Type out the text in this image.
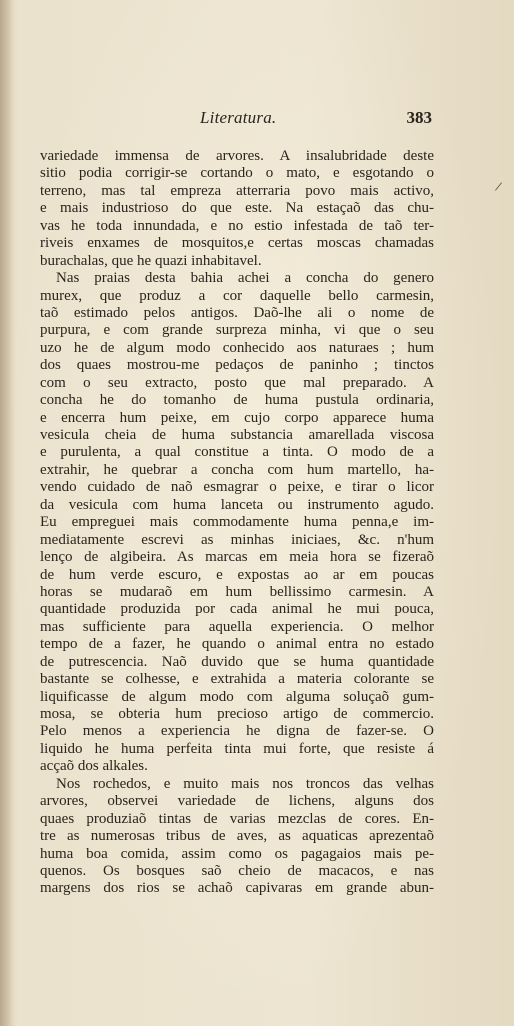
Literatura.	383
/
variedade immensa de arvores. A insalubridade deste
sitio podia corrigir-se cortando o mato, e esgotando o
terreno, mas tal empreza atterraria povo mais activo,
e mais industrioso do que este. Na estaçaõ das chu-
vas he toda innundada, e no estio infestada de taõ ter-
riveis enxames de mosquitos,e certas moscas chamadas
burachalas, que he quazi inhabitavel.
Nas praias desta bahia achei a concha do genero
murex, que produz a cor daquelle bello carmesin,
taõ estimado pelos antigos. Daõ-lhe ali o nome de
purpura, e com grande surpreza minha, vi que o seu
uzo he de algum modo conhecido aos naturaes ; hum
dos quaes mostrou-me pedaços de paninho ; tinctos
com o seu extracto, posto que mal preparado. A
concha he do tomanho de huma pustula ordinaria,
e encerra hum peixe, em cujo corpo apparece huma
vesicula cheia de huma substancia amarellada viscosa
e purulenta, a qual constitue a tinta. O modo de a
extrahir, he quebrar a concha com hum martello, ha-
vendo cuidado de naõ esmagrar o peixe, e tirar o licor
da vesicula com huma lanceta ou instrumento agudo.
Eu empreguei mais commodamente huma penna,e im-
mediatamente escrevi as minhas iniciaes, &c. n'hum
lenço de algibeira. As marcas em meia hora se fizeraõ
de hum verde escuro, e expostas ao ar em poucas
horas se mudaraõ em hum bellissimo carmesin. A
quantidade produzida por cada animal he mui pouca,
mas sufficiente para aquella experiencia. O melhor
tempo de a fazer, he quando o animal entra no estado
de putrescencia. Naõ duvido que se huma quantidade
bastante se colhesse, e extrahida a materia colorante se
liquificasse de algum modo com alguma soluçaõ gum-
mosa, se obteria hum precioso artigo de commercio.
Pelo menos a experiencia he digna de fazer-se. O
liquido he huma perfeita tinta mui forte, que resiste á
acçaõ dos alkales.
Nos rochedos, e muito mais nos troncos das velhas
arvores, observei variedade de lichens, alguns dos
quaes produziaõ tintas de varias mezclas de cores. En-
tre as numerosas tribus de aves, as aquaticas aprezentaõ
huma boa comida, assim como os pagagaios mais pe-
quenos. Os bosques saõ cheio de macacos, e nas
margens dos rios se achaõ capivaras em grande abun-
